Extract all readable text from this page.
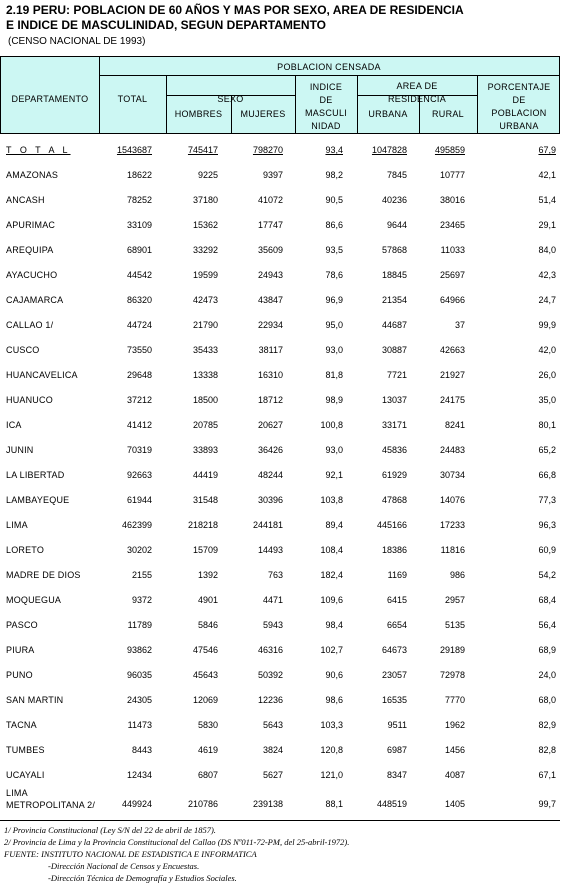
2.19 PERU: POBLACION DE 60 AÑOS Y MAS POR SEXO, AREA DE RESIDENCIA
E INDICE DE MASCULINIDAD, SEGUN DEPARTAMENTO
(CENSO NACIONAL DE 1993)
DEPARTAMENTO
POBLACION CENSADA
TOTAL	SEXO
HOMBRES	MUJERES
INDICE
DE
MASCULI
NIDAD
AREA DE
RESIDENCIA
URBANA	RURAL
PORCENTAJE
DE
POBLACION
URBANA
T O T A L	1543687	745417	798270	93,4	1047828	495859	67,9
AMAZONAS	18622	9225	9397	98,2	7845	10777	42,1
ANCASH	78252	37180	41072	90,5	40236	38016	51,4
APURIMAC	33109	15362	17747	86,6	9644	23465	29,1
AREQUIPA	68901	33292	35609	93,5	57868	11033	84,0
AYACUCHO	44542	19599	24943	78,6	18845	25697	42,3
CAJAMARCA	86320	42473	43847	96,9	21354	64966	24,7
CALLAO 1/	44724	21790	22934	95,0	44687	37	99,9
CUSCO	73550	35433	38117	93,0	30887	42663	42,0
HUANCAVELICA	29648	13338	16310	81,8	7721	21927	26,0
HUANUCO	37212	18500	18712	98,9	13037	24175	35,0
ICA	41412	20785	20627	100,8	33171	8241	80,1
JUNIN	70319	33893	36426	93,0	45836	24483	65,2
LA LIBERTAD	92663	44419	48244	92,1	61929	30734	66,8
LAMBAYEQUE	61944	31548	30396	103,8	47868	14076	77,3
LIMA	462399	218218	244181	89,4	445166	17233	96,3
LORETO	30202	15709	14493	108,4	18386	11816	60,9
MADRE DE DIOS	2155	1392	763	182,4	1169	986	54,2
MOQUEGUA	9372	4901	4471	109,6	6415	2957	68,4
PASCO	11789	5846	5943	98,4	6654	5135	56,4
PIURA	93862	47546	46316	102,7	64673	29189	68,9
PUNO	96035	45643	50392	90,6	23057	72978	24,0
SAN MARTIN	24305	12069	12236	98,6	16535	7770	68,0
TACNA	11473	5830	5643	103,3	9511	1962	82,9
TUMBES	8443	4619	3824	120,8	6987	1456	82,8
UCAYALI	12434	6807	5627	121,0	8347	4087	67,1
LIMA METROPOLITANA 2/	449924	210786	239138	88,1	448519	1405	99,7
1/ Provincia Constitucional (Ley S/N del 22 de abril de 1857).
2/ Provincia de Lima y la Provincia Constitucional del Callao (DS Nº011-72-PM, del 25-abril-1972).
FUENTE: INSTITUTO NACIONAL DE ESTADISTICA E INFORMATICA
-Dirección Nacional de Censos y Encuestas.
-Dirección Técnica de Demografía y Estudios Sociales.
